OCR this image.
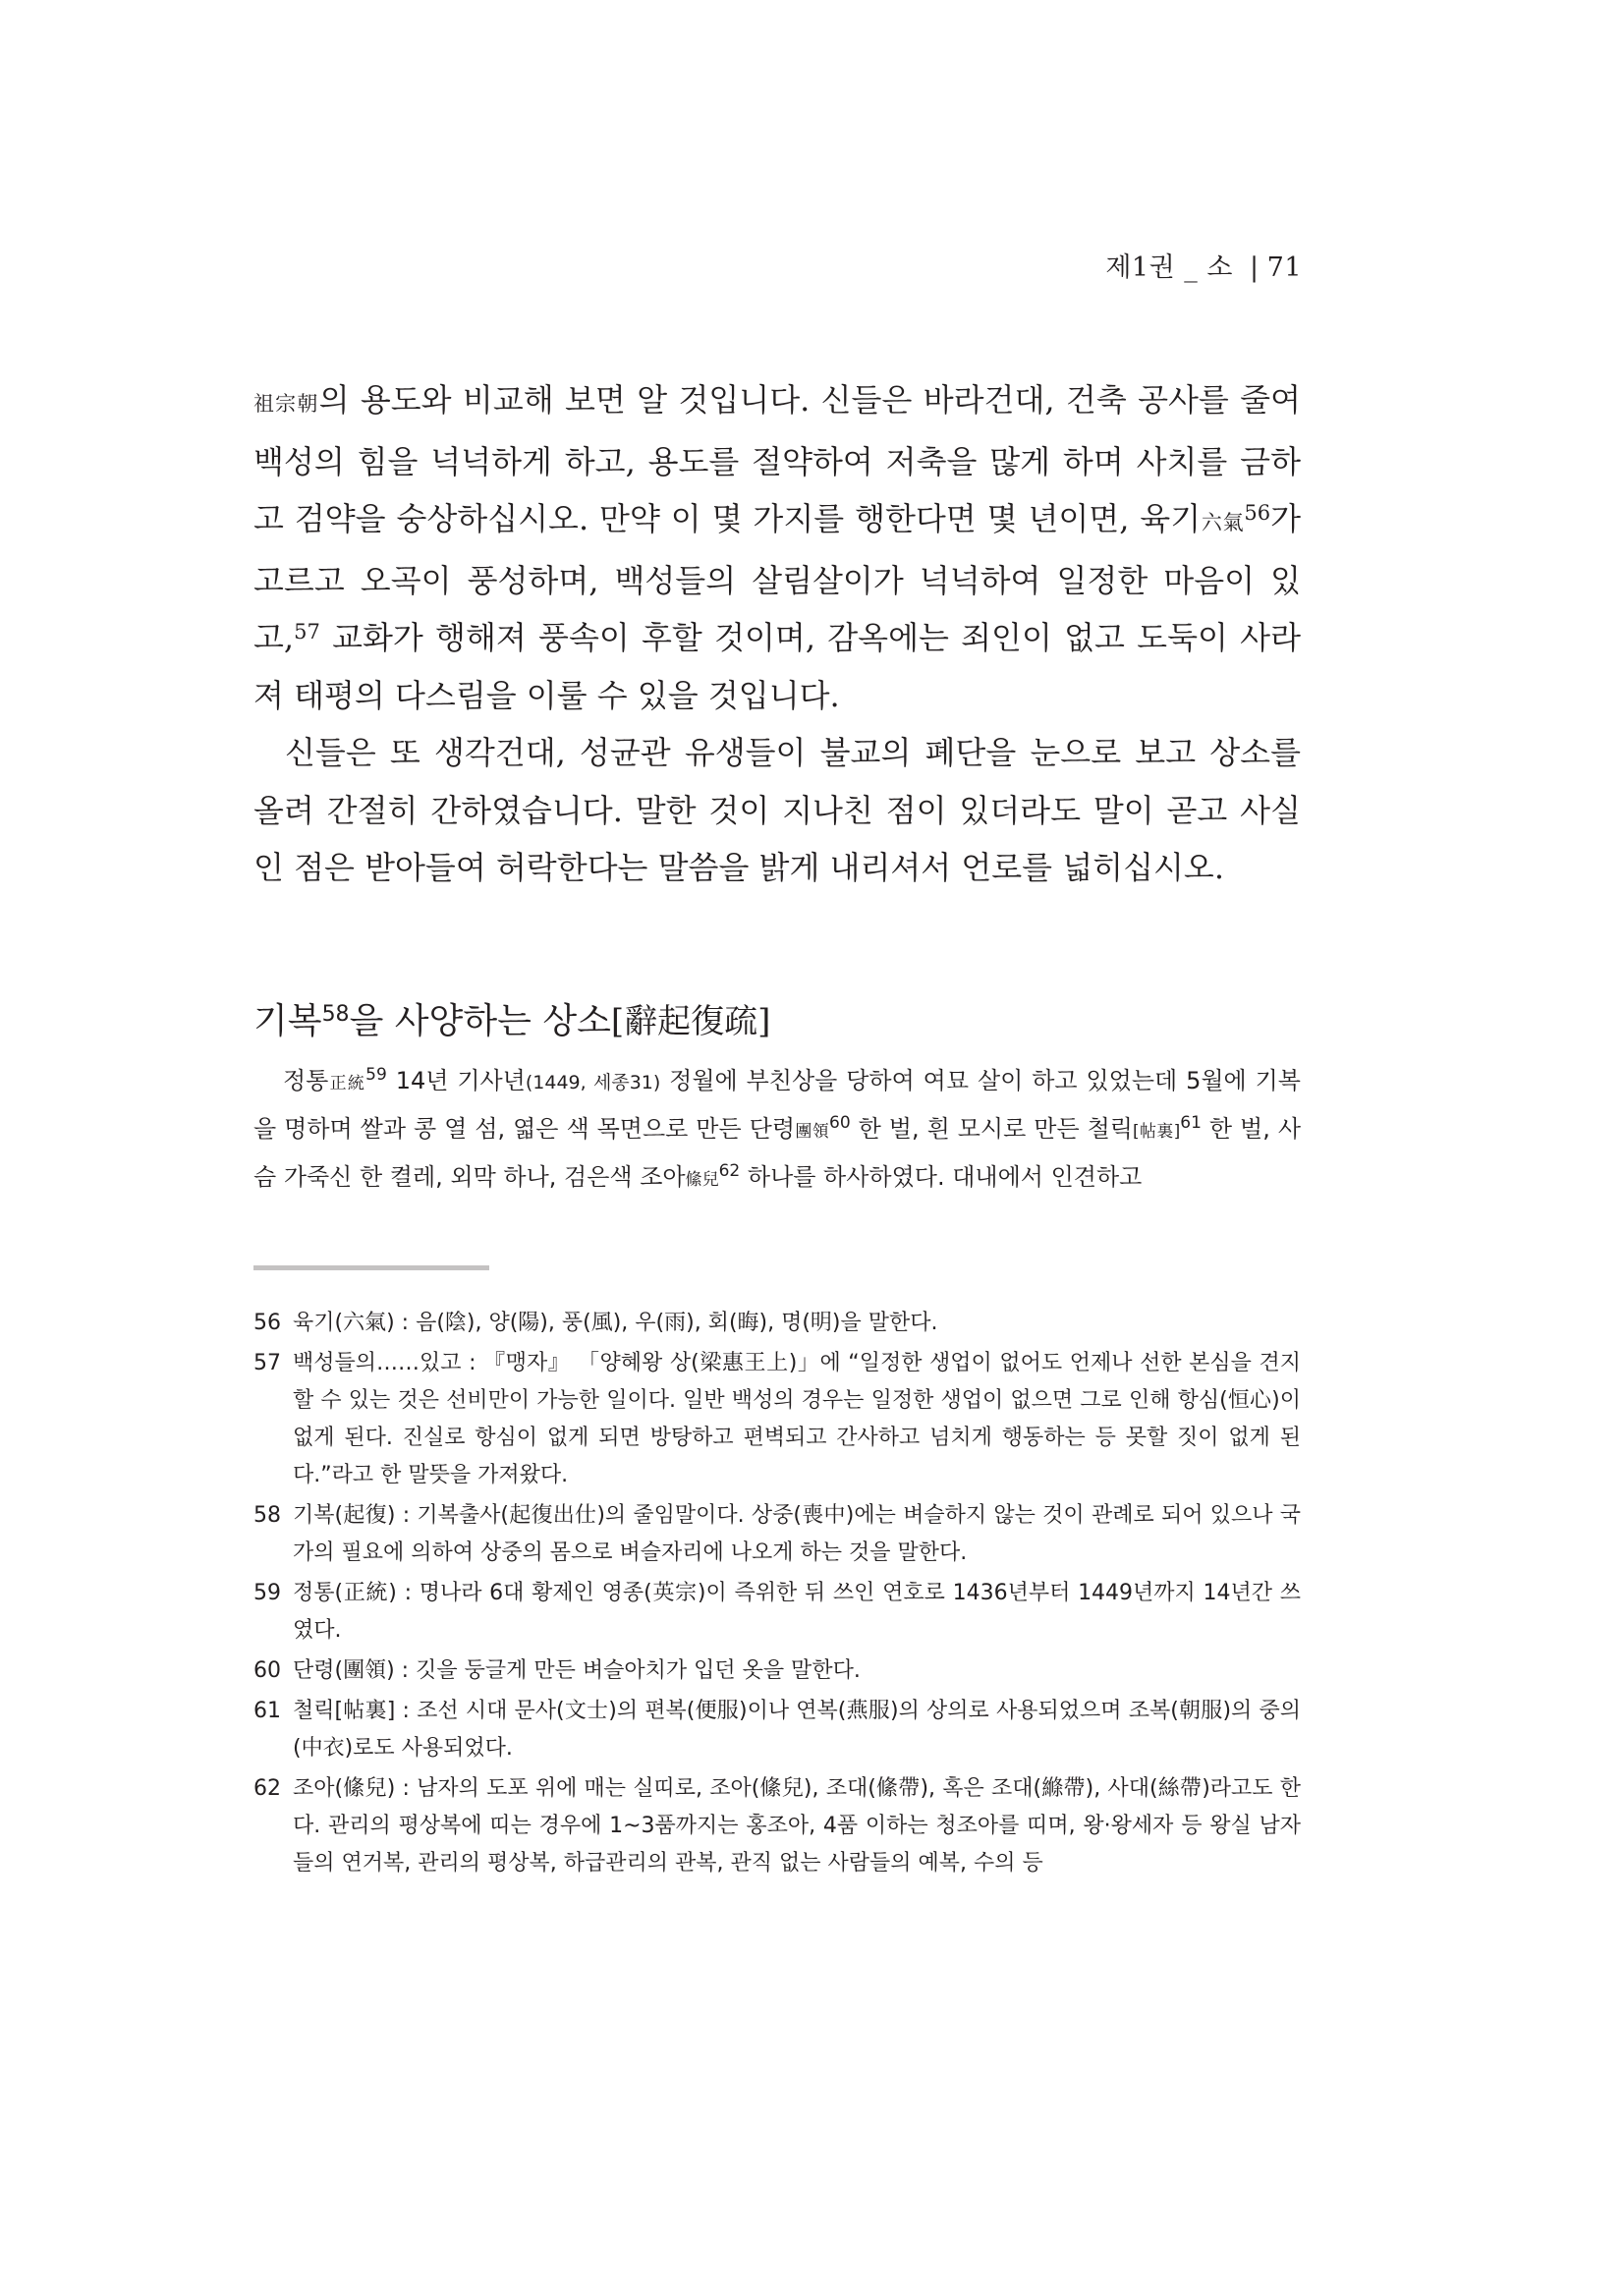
제1권 _ 소 | 71

祖宗朝의 용도와 비교해 보면 알 것입니다. 신들은 바라건대, 건축 공사를 줄여 백성의 힘을 넉넉하게 하고, 용도를 절약하여 저축을 많게 하며 사치를 금하고 검약을 숭상하십시오. 만약 이 몇 가지를 행한다면 몇 년이면, 육기六氣$^{56}$가 고르고 오곡이 풍성하며, 백성들의 살림살이가 넉넉하여 일정한 마음이 있고,$^{57}$ 교화가 행해져 풍속이 후할 것이며, 감옥에는 죄인이 없고 도둑이 사라져 태평의 다스림을 이룰 수 있을 것입니다.

신들은 또 생각건대, 성균관 유생들이 불교의 폐단을 눈으로 보고 상소를 올려 간절히 간하였습니다. 말한 것이 지나친 점이 있더라도 말이 곧고 사실인 점은 받아들여 허락한다는 말씀을 밝게 내리셔서 언로를 넓히십시오.

기복$^{58}$을 사양하는 상소[辭起復疏]

정통正統$^{59}$ 14년 기사년(1449, 세종31) 정월에 부친상을 당하여 여묘 살이 하고 있었는데 5월에 기복을 명하며 쌀과 콩 열 섬, 엷은 색 목면으로 만든 단령團領$^{60}$ 한 벌, 흰 모시로 만든 철릭[帖裏]$^{61}$ 한 벌, 사슴 가죽신 한 켤레, 외막 하나, 검은색 조아絛兒$^{62}$ 하나를 하사하였다. 대내에서 인견하고

56 육기(六氣) : 음(陰), 양(陽), 풍(風), 우(雨), 회(晦), 명(明)을 말한다.
57 백성들의……있고 : 『맹자』 「양혜왕 상(梁惠王上)」에 “일정한 생업이 없어도 언제나 선한 본심을 견지할 수 있는 것은 선비만이 가능한 일이다. 일반 백성의 경우는 일정한 생업이 없으면 그로 인해 항심(恒心)이 없게 된다. 진실로 항심이 없게 되면 방탕하고 편벽되고 간사하고 넘치게 행동하는 등 못할 짓이 없게 된다.”라고 한 말뜻을 가져왔다.
58 기복(起復) : 기복출사(起復出仕)의 줄임말이다. 상중(喪中)에는 벼슬하지 않는 것이 관례로 되어 있으나 국가의 필요에 의하여 상중의 몸으로 벼슬자리에 나오게 하는 것을 말한다.
59 정통(正統) : 명나라 6대 황제인 영종(英宗)이 즉위한 뒤 쓰인 연호로 1436년부터 1449년까지 14년간 쓰였다.
60 단령(團領) : 깃을 둥글게 만든 벼슬아치가 입던 옷을 말한다.
61 철릭[帖裏] : 조선 시대 문사(文士)의 편복(便服)이나 연복(燕服)의 상의로 사용되었으며 조복(朝服)의 중의(中衣)로도 사용되었다.
62 조아(絛兒) : 남자의 도포 위에 매는 실띠로, 조아(絛兒), 조대(絛帶), 혹은 조대(縧帶), 사대(絲帶)라고도 한다. 관리의 평상복에 띠는 경우에 1~3품까지는 홍조아, 4품 이하는 청조아를 띠며, 왕·왕세자 등 왕실 남자들의 연거복, 관리의 평상복, 하급관리의 관복, 관직 없는 사람들의 예복, 수의 등
